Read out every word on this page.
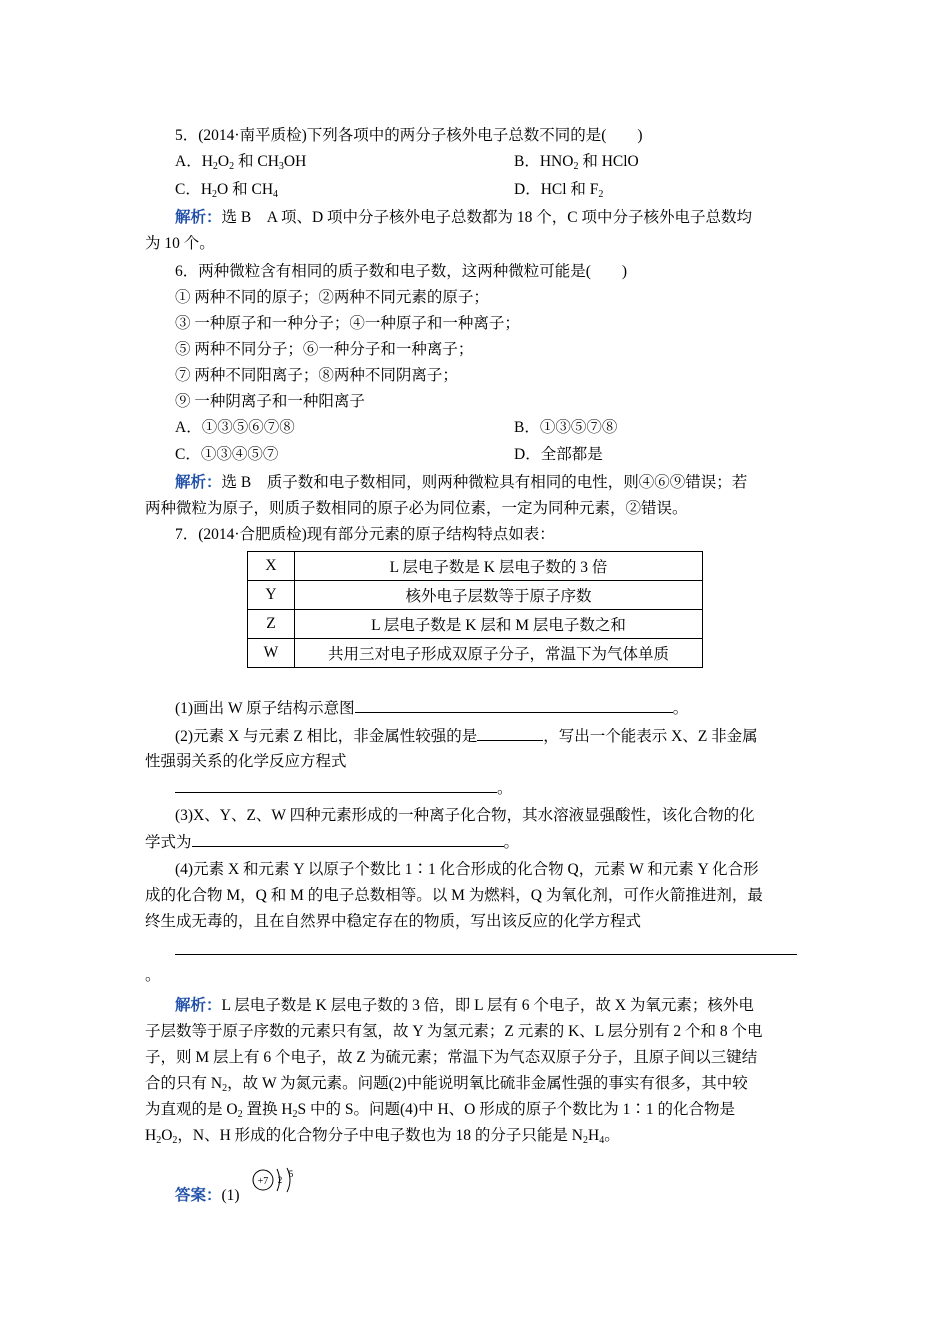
5．(2014·南平质检)下列各项中的两分子核外电子总数不同的是(　　)
A．$H_2O_2$ 和 $CH_3OH$	B．$HNO_2$ 和 HClO
C．$H_2O$ 和 $CH_4$	D．HCl 和 $F_2$
解析：选 B　A 项、D 项中分子核外电子总数都为 18 个，C 项中分子核外电子总数均
为 10 个。
6．两种微粒含有相同的质子数和电子数，这两种微粒可能是(　　)
① 两种不同的原子；②两种不同元素的原子；
③ 一种原子和一种分子；④一种原子和一种离子；
⑤ 两种不同分子；⑥一种分子和一种离子；
⑦ 两种不同阳离子；⑧两种不同阴离子；
⑨ 一种阴离子和一种阳离子
A．①③⑤⑥⑦⑧	B．①③⑤⑦⑧
C．①③④⑤⑦	D．全部都是
解析：选 B　质子数和电子数相同，则两种微粒具有相同的电性，则④⑥⑨错误；若
两种微粒为原子，则质子数相同的原子必为同位素，一定为同种元素，②错误。
7．(2014·合肥质检)现有部分元素的原子结构特点如表：
X	L 层电子数是 K 层电子数的 3 倍
Y	核外电子层数等于原子序数
Z	L 层电子数是 K 层和 M 层电子数之和
W	共用三对电子形成双原子分子，常温下为气体单质
(1)画出 W 原子结构示意图	。
(2)元素 X 与元素 Z 相比，非金属性较强的是	，写出一个能表示 X、Z 非金属
性强弱关系的化学反应方程式
。
(3)X、Y、Z、W 四种元素形成的一种离子化合物，其水溶液显强酸性，该化合物的化
学式为	。
(4)元素 X 和元素 Y 以原子个数比 1∶1 化合形成的化合物 Q，元素 W 和元素 Y 化合形
成的化合物 M，Q 和 M 的电子总数相等。以 M 为燃料，Q 为氧化剂，可作火箭推进剂，最
终生成无毒的，且在自然界中稳定存在的物质，写出该反应的化学方程式
。
解析：L 层电子数是 K 层电子数的 3 倍，即 L 层有 6 个电子，故 X 为氧元素；核外电
子层数等于原子序数的元素只有氢，故 Y 为氢元素；Z 元素的 K、L 层分别有 2 个和 8 个电
子，则 M 层上有 6 个电子，故 Z 为硫元素；常温下为气态双原子分子，且原子间以三键结
合的只有 $N_2$，故 W 为氮元素。问题(2)中能说明氧比硫非金属性强的事实有很多，其中较
为直观的是 $O_2$ 置换 $H_2S$ 中的 S。问题(4)中 H、O 形成的原子个数比为 1∶1 的化合物是
$H_2O_2$，N、H 形成的化合物分子中电子数也为 18 的分子只能是 $N_2H_4$。
答案：(1)
+7 2
5
